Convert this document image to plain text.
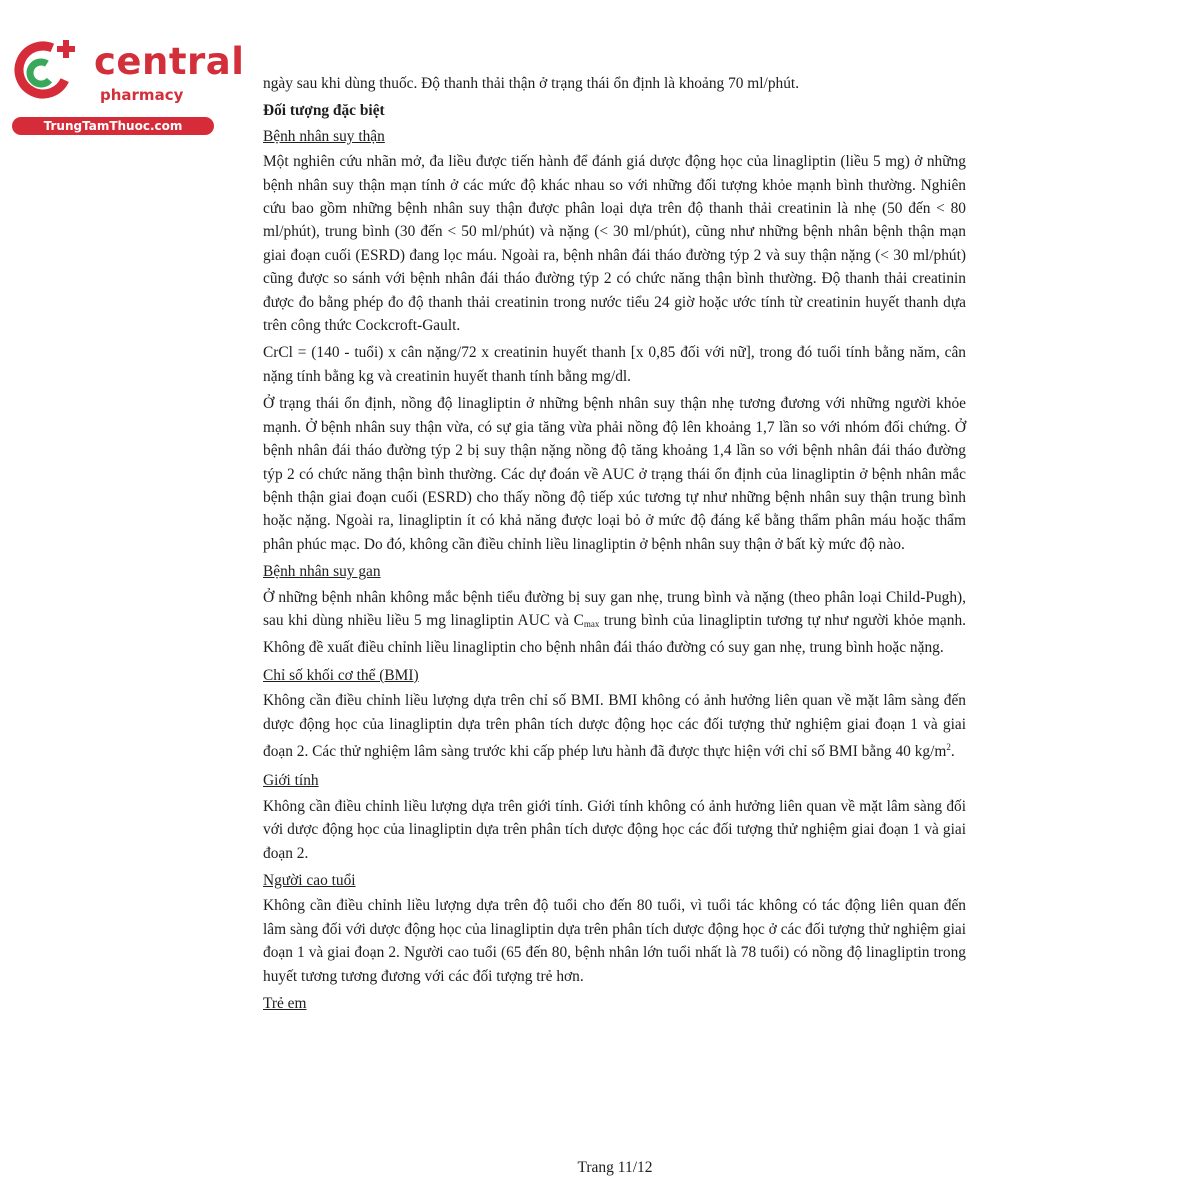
central
pharmacy
TrungTamThuoc.com

ngày sau khi dùng thuốc. Độ thanh thải thận ở trạng thái ổn định là khoảng 70 ml/phút.

Đối tượng đặc biệt

Bệnh nhân suy thận

Một nghiên cứu nhãn mở, đa liều được tiến hành để đánh giá dược động học của linagliptin (liều 5 mg) ở những bệnh nhân suy thận mạn tính ở các mức độ khác nhau so với những đối tượng khỏe mạnh bình thường. Nghiên cứu bao gồm những bệnh nhân suy thận được phân loại dựa trên độ thanh thải creatinin là nhẹ (50 đến < 80 ml/phút), trung bình (30 đến < 50 ml/phút) và nặng (< 30 ml/phút), cũng như những bệnh nhân bệnh thận mạn giai đoạn cuối (ESRD) đang lọc máu. Ngoài ra, bệnh nhân đái tháo đường týp 2 và suy thận nặng (< 30 ml/phút) cũng được so sánh với bệnh nhân đái tháo đường týp 2 có chức năng thận bình thường. Độ thanh thải creatinin được đo bằng phép đo độ thanh thải creatinin trong nước tiểu 24 giờ hoặc ước tính từ creatinin huyết thanh dựa trên công thức Cockcroft-Gault.

CrCl = (140 - tuổi) x cân nặng/72 x creatinin huyết thanh [x 0,85 đối với nữ], trong đó tuổi tính bằng năm, cân nặng tính bằng kg và creatinin huyết thanh tính bằng mg/dl.

Ở trạng thái ổn định, nồng độ linagliptin ở những bệnh nhân suy thận nhẹ tương đương với những người khỏe mạnh. Ở bệnh nhân suy thận vừa, có sự gia tăng vừa phải nồng độ lên khoảng 1,7 lần so với nhóm đối chứng. Ở bệnh nhân đái tháo đường týp 2 bị suy thận nặng nồng độ tăng khoảng 1,4 lần so với bệnh nhân đái tháo đường týp 2 có chức năng thận bình thường. Các dự đoán về AUC ở trạng thái ổn định của linagliptin ở bệnh nhân mắc bệnh thận giai đoạn cuối (ESRD) cho thấy nồng độ tiếp xúc tương tự như những bệnh nhân suy thận trung bình hoặc nặng. Ngoài ra, linagliptin ít có khả năng được loại bỏ ở mức độ đáng kể bằng thẩm phân máu hoặc thẩm phân phúc mạc. Do đó, không cần điều chỉnh liều linagliptin ở bệnh nhân suy thận ở bất kỳ mức độ nào.

Bệnh nhân suy gan

Ở những bệnh nhân không mắc bệnh tiểu đường bị suy gan nhẹ, trung bình và nặng (theo phân loại Child-Pugh), sau khi dùng nhiều liều 5 mg linagliptin AUC và Cmax trung bình của linagliptin tương tự như người khỏe mạnh. Không đề xuất điều chỉnh liều linagliptin cho bệnh nhân đái tháo đường có suy gan nhẹ, trung bình hoặc nặng.

Chỉ số khối cơ thể (BMI)

Không cần điều chỉnh liều lượng dựa trên chỉ số BMI. BMI không có ảnh hưởng liên quan về mặt lâm sàng đến dược động học của linagliptin dựa trên phân tích dược động học các đối tượng thử nghiệm giai đoạn 1 và giai đoạn 2. Các thử nghiệm lâm sàng trước khi cấp phép lưu hành đã được thực hiện với chỉ số BMI bằng 40 $kg/m^2$.

Giới tính

Không cần điều chỉnh liều lượng dựa trên giới tính. Giới tính không có ảnh hưởng liên quan về mặt lâm sàng đối với dược động học của linagliptin dựa trên phân tích dược động học các đối tượng thử nghiệm giai đoạn 1 và giai đoạn 2.

Người cao tuổi

Không cần điều chỉnh liều lượng dựa trên độ tuổi cho đến 80 tuổi, vì tuổi tác không có tác động liên quan đến lâm sàng đối với dược động học của linagliptin dựa trên phân tích dược động học ở các đối tượng thử nghiệm giai đoạn 1 và giai đoạn 2. Người cao tuổi (65 đến 80, bệnh nhân lớn tuổi nhất là 78 tuổi) có nồng độ linagliptin trong huyết tương tương đương với các đối tượng trẻ hơn.

Trẻ em

Trang 11/12
